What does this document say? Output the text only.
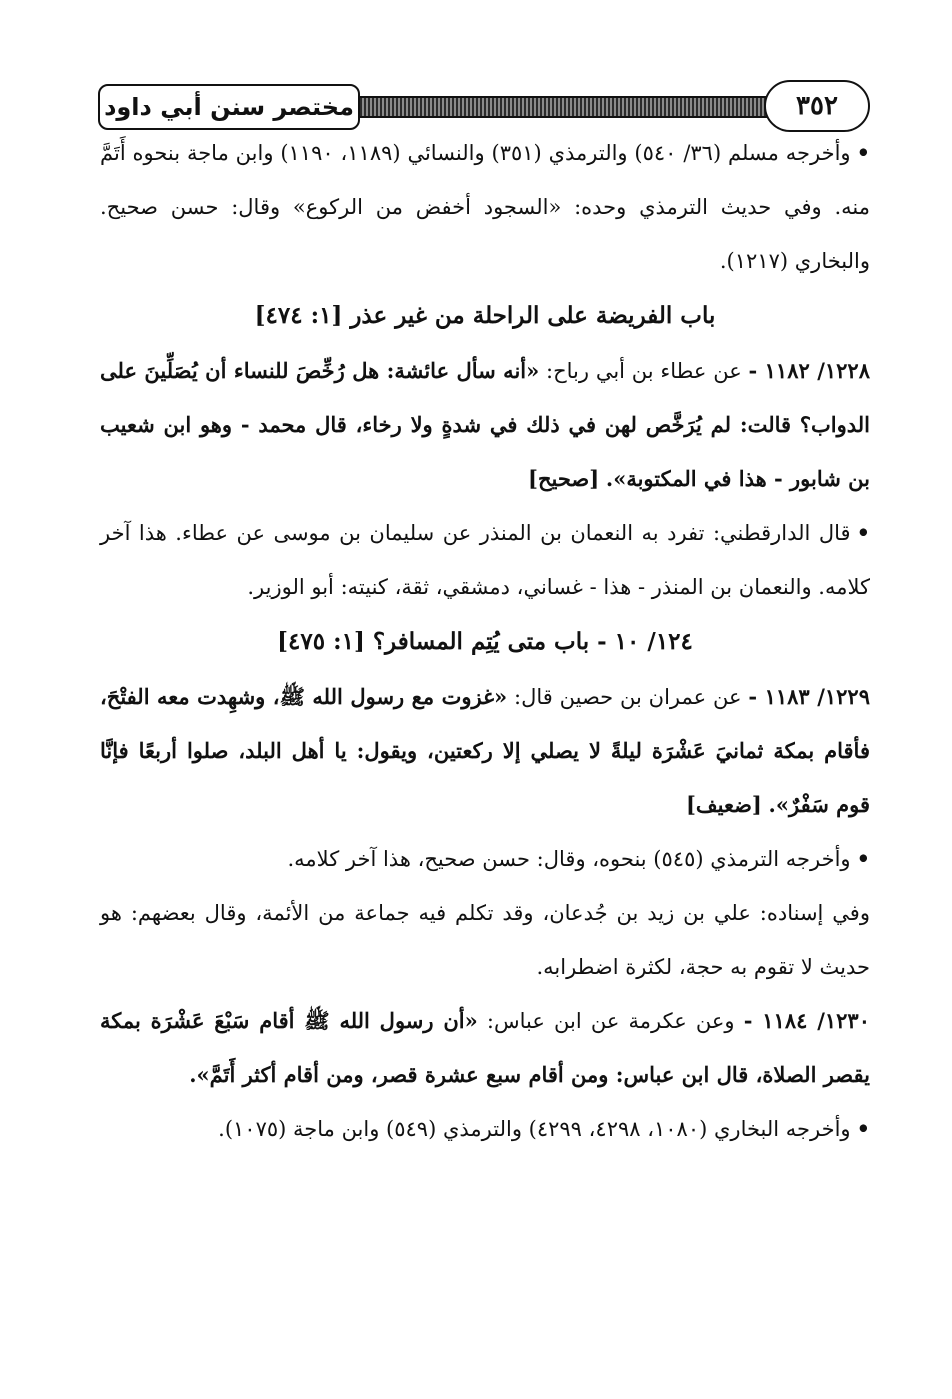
مختصر سنن أبي داود	٣٥٢

•وأخرجه مسلم (٣٦/ ٥٤٠) والترمذي (٣٥١) والنسائي (١١٨٩، ١١٩٠) وابن ماجة بنحوه أَتَمَّ منه. وفي حديث الترمذي وحده: «السجود أخفض من الركوع» وقال: حسن صحيح. والبخاري (١٢١٧).

باب الفريضة على الراحلة من غير عذر [١: ٤٧٤]

١٢٢٨/ ١١٨٢ - عن عطاء بن أبي رباح: «أنه سأل عائشة: هل رُخِّصَ للنساء أن يُصَلِّينَ على الدواب؟ قالت: لم يُرَخَّص لهن في ذلك في شدةٍ ولا رخاء، قال محمد - وهو ابن شعيب بن شابور - هذا في المكتوبة». [صحيح]

•قال الدارقطني: تفرد به النعمان بن المنذر عن سليمان بن موسى عن عطاء. هذا آخر كلامه. والنعمان بن المنذر - هذا - غساني، دمشقي، ثقة، كنيته: أبو الوزير.

١٢٤/ ١٠ - باب متى يُتِم المسافر؟ [١: ٤٧٥]

١٢٢٩/ ١١٨٣ - عن عمران بن حصين قال: «غزوت مع رسول الله ﷺ، وشهِدت معه الفتْحَ، فأقام بمكة ثمانيَ عَشْرَة ليلةً لا يصلي إلا ركعتين، ويقول: يا أهل البلد، صلوا أربعًا فإنَّا قوم سَفْرٌ». [ضعيف]

•وأخرجه الترمذي (٥٤٥) بنحوه، وقال: حسن صحيح، هذا آخر كلامه.

وفي إسناده: علي بن زيد بن جُدعان، وقد تكلم فيه جماعة من الأئمة، وقال بعضهم: هو حديث لا تقوم به حجة، لكثرة اضطرابه.

١٢٣٠/ ١١٨٤ - وعن عكرمة عن ابن عباس: «أن رسول الله ﷺ أقام سَبْعَ عَشْرَة بمكة يقصر الصلاة، قال ابن عباس: ومن أقام سبع عشرة قصر، ومن أقام أكثر أَتَمَّ».

•وأخرجه البخاري (١٠٨٠، ٤٢٩٨، ٤٢٩٩) والترمذي (٥٤٩) وابن ماجة (١٠٧٥).
